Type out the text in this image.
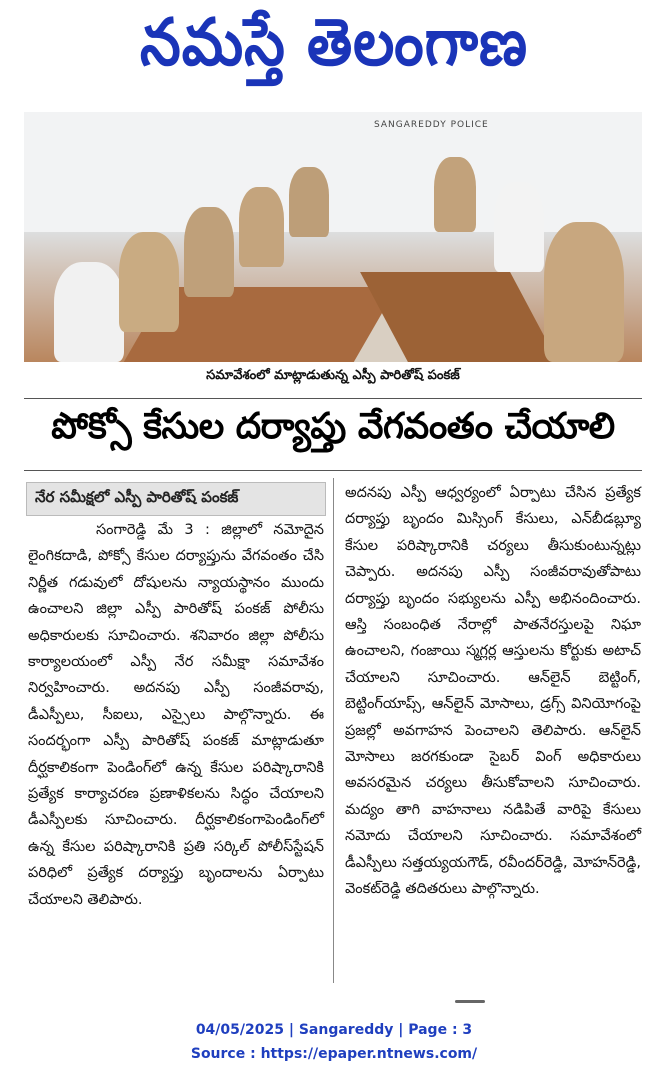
నమస్తే తెలంగాణ
SANGAREDDY POLICE
సమావేశంలో మాట్లాడుతున్న ఎస్పీ పారితోష్ పంకజ్
పోక్సో కేసుల దర్యాప్తు వేగవంతం చేయాలి
నేర సమీక్షలో ఎస్పీ పారితోష్ పంకజ్

సంగారెడ్డి మే 3 : జిల్లాలో నమోదైన లైంగికదాడి, పోక్సో కేసుల దర్యాప్తును వేగవంతం చేసి నిర్ణీత గడువులో దోషులను న్యాయస్థానం ముందు ఉంచాలని జిల్లా ఎస్పీ పారితోష్ పంకజ్ పోలీసు అధికారులకు సూచించారు. శనివారం జిల్లా పోలీసు కార్యాలయంలో ఎస్పీ నేర సమీక్షా సమావేశం నిర్వహించారు. అదనపు ఎస్పీ సంజీవరావు, డీఎస్పీలు, సీఐలు, ఎస్సైలు పాల్గొన్నారు. ఈ సందర్భంగా ఎస్పీ పారితోష్ పంకజ్ మాట్లాడుతూ దీర్ఘకాలికంగా పెండింగ్‌లో ఉన్న కేసుల పరిష్కారానికి ప్రత్యేక కార్యాచరణ ప్రణాళికలను సిద్ధం చేయాలని డీఎస్పీలకు సూచించారు. దీర్ఘకాలికంగాపెండింగ్‌లో ఉన్న కేసుల పరిష్కారానికి ప్రతి సర్కిల్ పోలీస్‌స్టేషన్ పరిధిలో ప్రత్యేక దర్యాప్తు బృందాలను ఏర్పాటు చేయాలని తెలిపారు.

అదనపు ఎస్పీ ఆధ్వర్యంలో ఏర్పాటు చేసిన ప్రత్యేక దర్యాప్తు బృందం మిస్సింగ్ కేసులు, ఎన్‌బీడబ్ల్యూ కేసుల పరిష్కారానికి చర్యలు తీసుకుంటున్నట్లు చెప్పారు. అదనపు ఎస్పీ సంజీవరావుతోపాటు దర్యాప్తు బృందం సభ్యులను ఎస్పీ అభినందించారు. ఆస్తి సంబంధిత నేరాల్లో పాతనేరస్తులపై నిఘా ఉంచాలని, గంజాయి స్మగ్లర్ల ఆస్తులను కోర్టుకు అటాచ్ చేయాలని సూచించారు. ఆన్‌లైన్ బెట్టింగ్, బెట్టింగ్‌యాప్స్, ఆన్‌లైన్ మోసాలు, డ్రగ్స్ వినియోగంపై ప్రజల్లో అవగాహన పెంచాలని తెలిపారు. ఆన్‌లైన్ మోసాలు జరగకుండా సైబర్ వింగ్ అధికారులు అవసరమైన చర్యలు తీసుకోవాలని సూచించారు. మద్యం తాగి వాహనాలు నడిపితే వారిపై కేసులు నమోదు చేయాలని సూచించారు. సమావేశంలో డీఎస్పీలు సత్తయ్యయగౌడ్, రవీందర్‌రెడ్డి, మోహన్‌రెడ్డి, వెంకట్‌రెడ్డి తదితరులు పాల్గొన్నారు.

04/05/2025 | Sangareddy | Page : 3
Source : https://epaper.ntnews.com/
